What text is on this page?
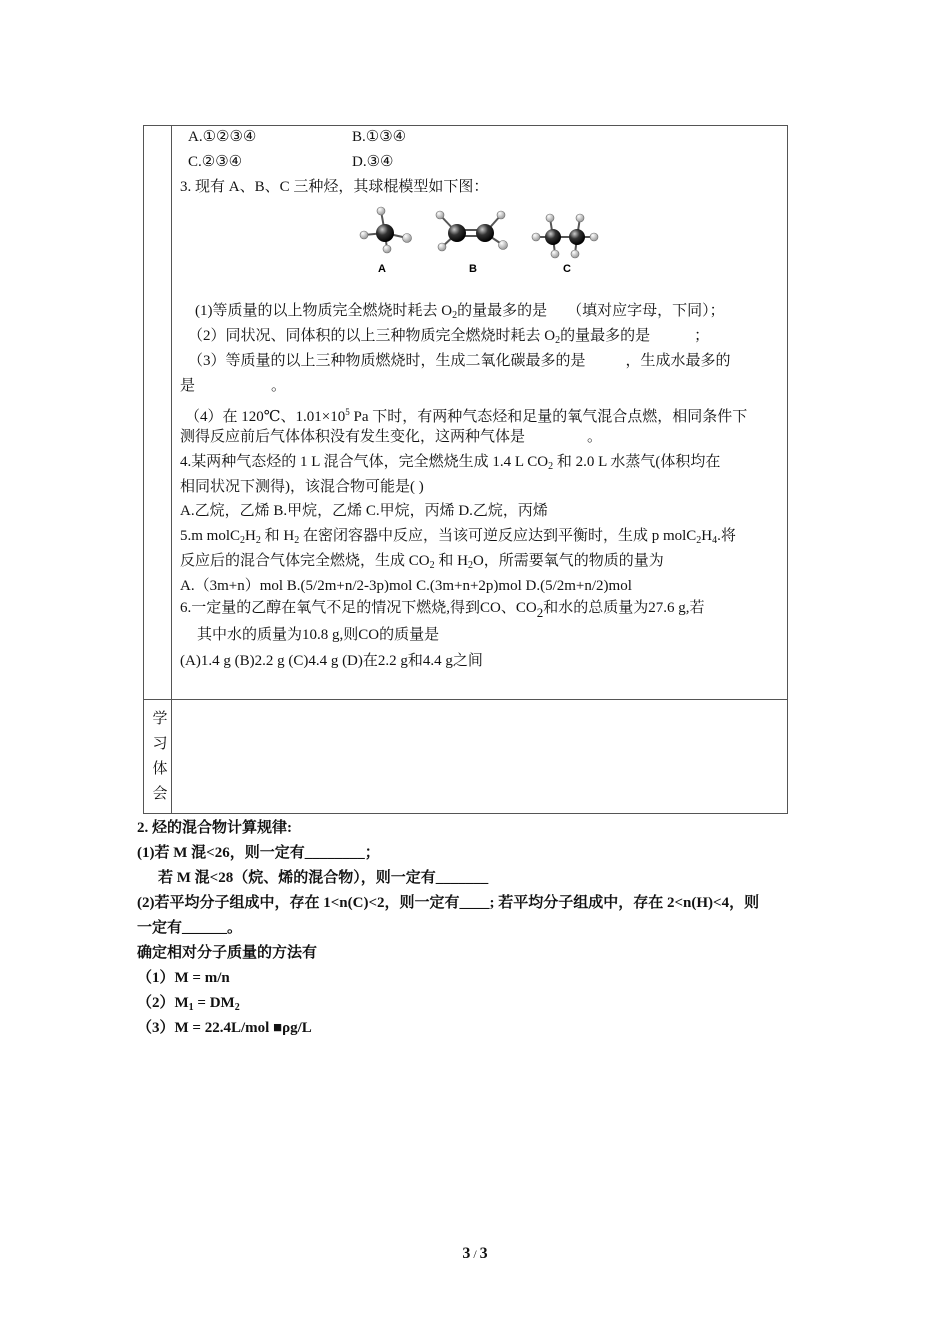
A.①②③④	B.①③④
C.②③④	D.③④
3. 现有 A、B、C 三种烃，其球棍模型如下图：
A	B	C
(1)等质量的以上物质完全燃烧时耗去 $O_2$的量最多的是 （填对应字母，下同）；
（2）同状况、同体积的以上三种物质完全燃烧时耗去 $O_2$的量最多的是	；
（3）等质量的以上三种物质燃烧时，生成二氧化碳最多的是	，生成水最多的
是	。
（4）在 120℃、$1.01\times 10^5$ Pa 下时，有两种气态烃和足量的氧气混合点燃，相同条件下
测得反应前后气体体积没有发生变化，这两种气体是	。
4.某两种气态烃的 1 L 混合气体，完全燃烧生成 1.4 L $CO_2$ 和 2.0 L 水蒸气(体积均在
相同状况下测得)，该混合物可能是( )
A.乙烷，乙烯 B.甲烷，乙烯 C.甲烷，丙烯 D.乙烷，丙烯
5.m $molC_2H_2$ 和 $H_2$ 在密闭容器中反应，当该可逆反应达到平衡时，生成 p $molC_2H_4$.将
反应后的混合气体完全燃烧，生成 $CO_2$ 和 $H_2O$，所需要氧气的物质的量为
A.（3m+n）mol B.(5/2m+n/2-3p)mol C.(3m+n+2p)mol D.(5/2m+n/2)mol
6.一定量的乙醇在氧气不足的情况下燃烧,得到CO、$CO_2$和水的总质量为27.6 g,若
其中水的质量为10.8 g,则CO的质量是
(A)1.4 g (B)2.2 g (C)4.4 g (D)在2.2 g和4.4 g之间
学
习
体
会
2. 烃的混合物计算规律:
(1)若 M 混<26，则一定有________；
若 M 混<28（烷、烯的混合物），则一定有_______
(2)若平均分子组成中，存在 1<n(C)<2，则一定有____; 若平均分子组成中，存在 2<n(H)<4，则
一定有______。
确定相对分子质量的方法有
（1）M = m/n
$(2)M_1 = DM_2$
（3）M = 22.4L/mol ■ρg/L
3 / 3
